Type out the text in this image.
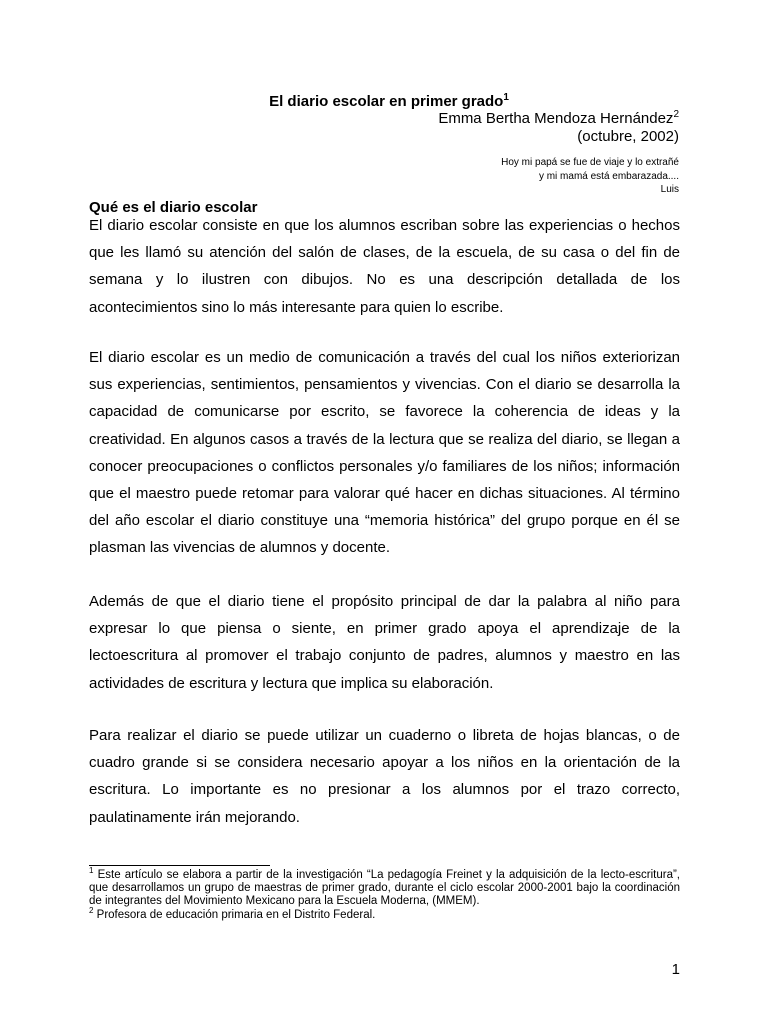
El diario escolar en primer grado$^1$
Emma Bertha Mendoza Hernández$^2$
(octubre, 2002)
Hoy mi papá se fue de viaje y lo extrañé
y mi mamá está embarazada....
Luis
Qué es el diario escolar
El diario escolar consiste en que los alumnos escriban sobre las experiencias o hechos que les llamó su atención del salón de clases, de la escuela, de su casa o del fin de semana y lo ilustren con dibujos. No es una descripción detallada de los acontecimientos sino lo más interesante para quien lo escribe.
El diario escolar es un medio de comunicación a través del cual los niños exteriorizan sus experiencias, sentimientos, pensamientos y vivencias. Con el diario se desarrolla la capacidad de comunicarse por escrito, se favorece la coherencia de ideas y la creatividad. En algunos casos a través de la lectura que se realiza del diario, se llegan a conocer preocupaciones o conflictos personales y/o familiares de los niños; información que el maestro puede retomar para valorar qué hacer en dichas situaciones. Al término del año escolar el diario constituye una “memoria histórica” del grupo porque en él se plasman las vivencias de alumnos y docente.
Además de que el diario tiene el propósito principal de dar la palabra al niño para expresar lo que piensa o siente, en primer grado apoya el aprendizaje de la lectoescritura al promover el trabajo conjunto de padres, alumnos y maestro en las actividades de escritura y lectura que implica su elaboración.
Para realizar el diario se puede utilizar un cuaderno o libreta de hojas blancas, o de cuadro grande si se considera necesario apoyar a los niños en la orientación de la escritura. Lo importante es no presionar a los alumnos por el trazo correcto, paulatinamente irán mejorando.
$^1$ Este artículo se elabora a partir de la investigación “La pedagogía Freinet y la adquisición de la lecto-escritura”, que desarrollamos un grupo de maestras de primer grado, durante el ciclo escolar 2000-2001 bajo la coordinación de integrantes del Movimiento Mexicano para la Escuela Moderna, (MMEM).
$^2$ Profesora de educación primaria en el Distrito Federal.
1
